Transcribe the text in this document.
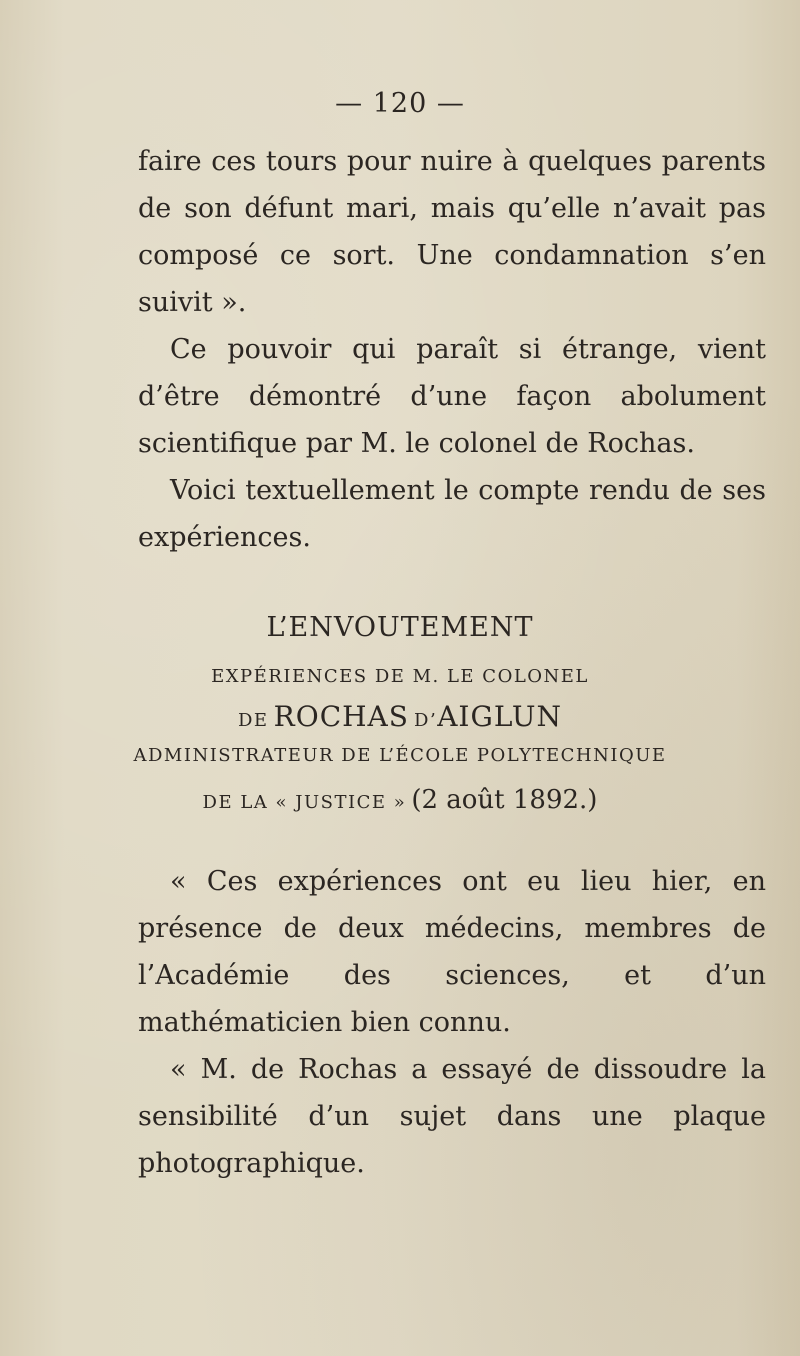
— 120 —

faire ces tours pour nuire à quelques parents de son défunt mari, mais qu’elle n’avait pas composé ce sort. Une condamnation s’en suivit ».

Ce pouvoir qui paraît si étrange, vient d’être démontré d’une façon abolument scientifique par M. le colonel de Rochas.

Voici textuellement le compte rendu de ses expériences.

L’ENVOUTEMENT
EXPÉRIENCES DE M. LE COLONEL
DE ROCHAS D’AIGLUN
ADMINISTRATEUR DE L’ÉCOLE POLYTECHNIQUE
DE LA « JUSTICE » (2 août 1892.)

« Ces expériences ont eu lieu hier, en présence de deux médecins, membres de l’Académie des sciences, et d’un mathématicien bien connu.

« M. de Rochas a essayé de dissoudre la sensibilité d’un sujet dans une plaque photographique.
